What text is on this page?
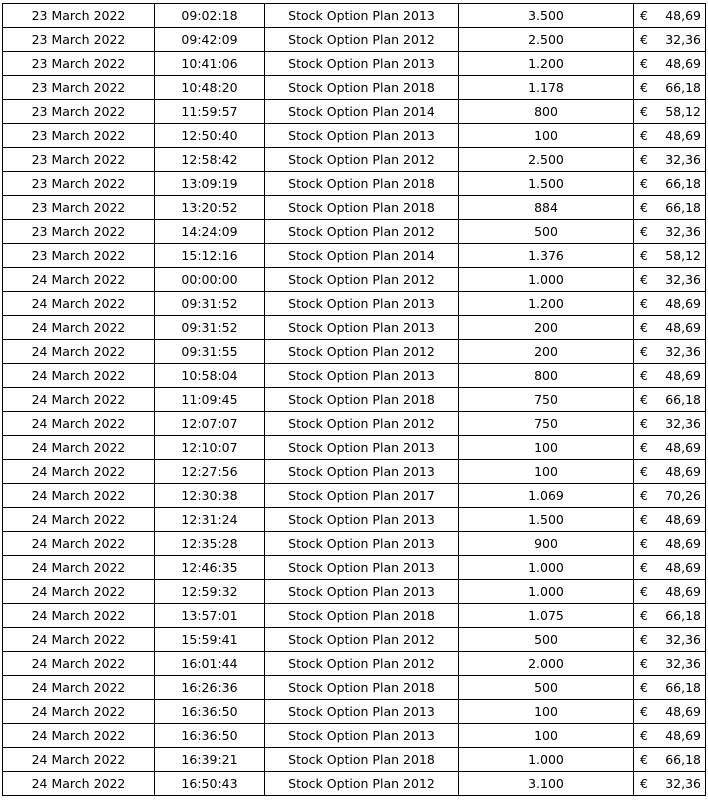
23 March 2022	09:02:18	Stock Option Plan 2013	3.500	€ 48,69

23 March 2022	09:42:09	Stock Option Plan 2012	2.500	€ 32,36

23 March 2022	10:41:06	Stock Option Plan 2013	1.200	€ 48,69

23 March 2022	10:48:20	Stock Option Plan 2018	1.178	€ 66,18

23 March 2022	11:59:57	Stock Option Plan 2014	800	€ 58,12

23 March 2022	12:50:40	Stock Option Plan 2013	100	€ 48,69

23 March 2022	12:58:42	Stock Option Plan 2012	2.500	€ 32,36

23 March 2022	13:09:19	Stock Option Plan 2018	1.500	€ 66,18

23 March 2022	13:20:52	Stock Option Plan 2018	884	€ 66,18

23 March 2022	14:24:09	Stock Option Plan 2012	500	€ 32,36

23 March 2022	15:12:16	Stock Option Plan 2014	1.376	€ 58,12

24 March 2022	00:00:00	Stock Option Plan 2012	1.000	€ 32,36

24 March 2022	09:31:52	Stock Option Plan 2013	1.200	€ 48,69

24 March 2022	09:31:52	Stock Option Plan 2013	200	€ 48,69

24 March 2022	09:31:55	Stock Option Plan 2012	200	€ 32,36

24 March 2022	10:58:04	Stock Option Plan 2013	800	€ 48,69

24 March 2022	11:09:45	Stock Option Plan 2018	750	€ 66,18

24 March 2022	12:07:07	Stock Option Plan 2012	750	€ 32,36

24 March 2022	12:10:07	Stock Option Plan 2013	100	€ 48,69

24 March 2022	12:27:56	Stock Option Plan 2013	100	€ 48,69

24 March 2022	12:30:38	Stock Option Plan 2017	1.069	€ 70,26

24 March 2022	12:31:24	Stock Option Plan 2013	1.500	€ 48,69

24 March 2022	12:35:28	Stock Option Plan 2013	900	€ 48,69

24 March 2022	12:46:35	Stock Option Plan 2013	1.000	€ 48,69

24 March 2022	12:59:32	Stock Option Plan 2013	1.000	€ 48,69

24 March 2022	13:57:01	Stock Option Plan 2018	1.075	€ 66,18

24 March 2022	15:59:41	Stock Option Plan 2012	500	€ 32,36

24 March 2022	16:01:44	Stock Option Plan 2012	2.000	€ 32,36

24 March 2022	16:26:36	Stock Option Plan 2018	500	€ 66,18

24 March 2022	16:36:50	Stock Option Plan 2013	100	€ 48,69

24 March 2022	16:36:50	Stock Option Plan 2013	100	€ 48,69

24 March 2022	16:39:21	Stock Option Plan 2018	1.000	€ 66,18

24 March 2022	16:50:43	Stock Option Plan 2012	3.100	€ 32,36
